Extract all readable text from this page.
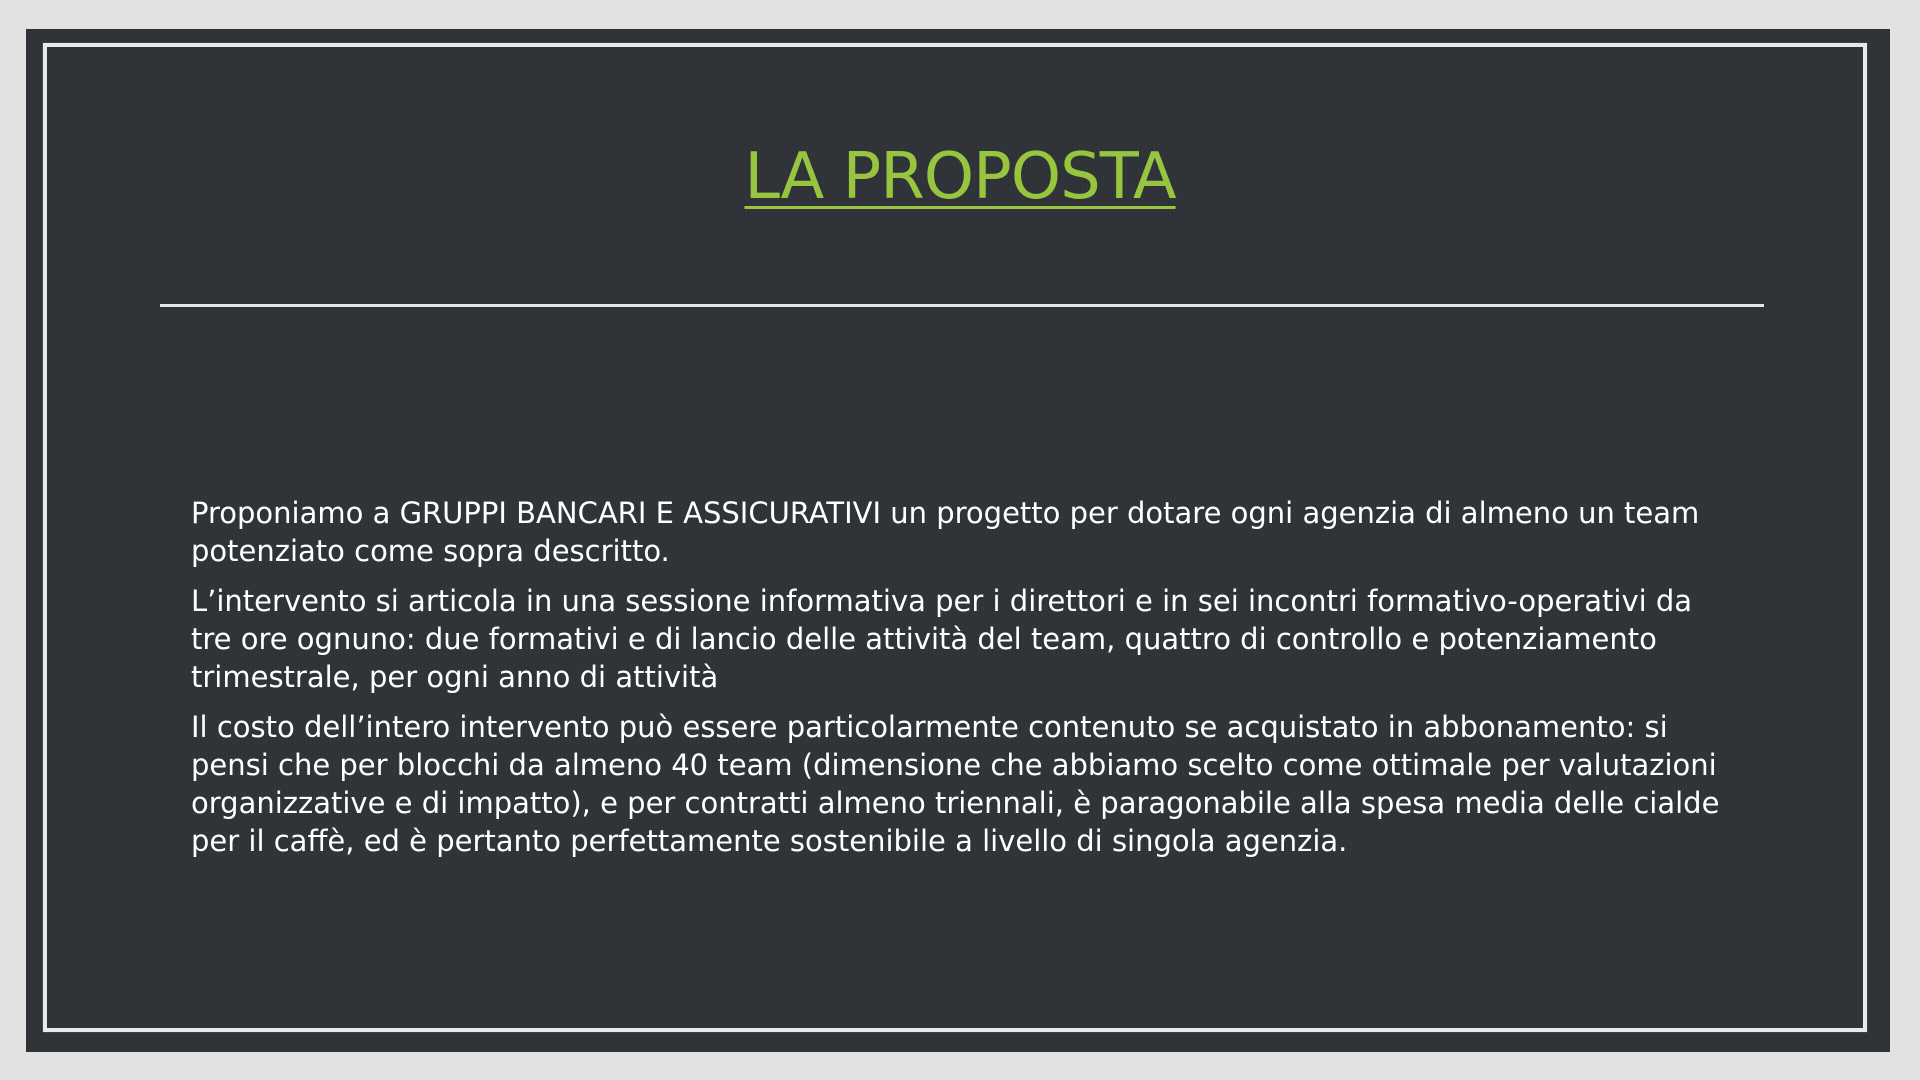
LA PROPOSTA

Proponiamo a GRUPPI BANCARI E ASSICURATIVI un progetto per dotare ogni agenzia di almeno un team potenziato come sopra descritto.

L’intervento si articola in una sessione informativa per i direttori e in sei incontri formativo-operativi da tre ore ognuno: due formativi e di lancio delle attività del team, quattro di controllo e potenziamento trimestrale, per ogni anno di attività

Il costo dell’intero intervento può essere particolarmente contenuto se acquistato in abbonamento: si pensi che per blocchi da almeno 40 team (dimensione che abbiamo scelto come ottimale per valutazioni organizzative e di impatto), e per contratti almeno triennali, è paragonabile alla spesa media delle cialde per il caffè, ed è pertanto perfettamente sostenibile a livello di singola agenzia.
